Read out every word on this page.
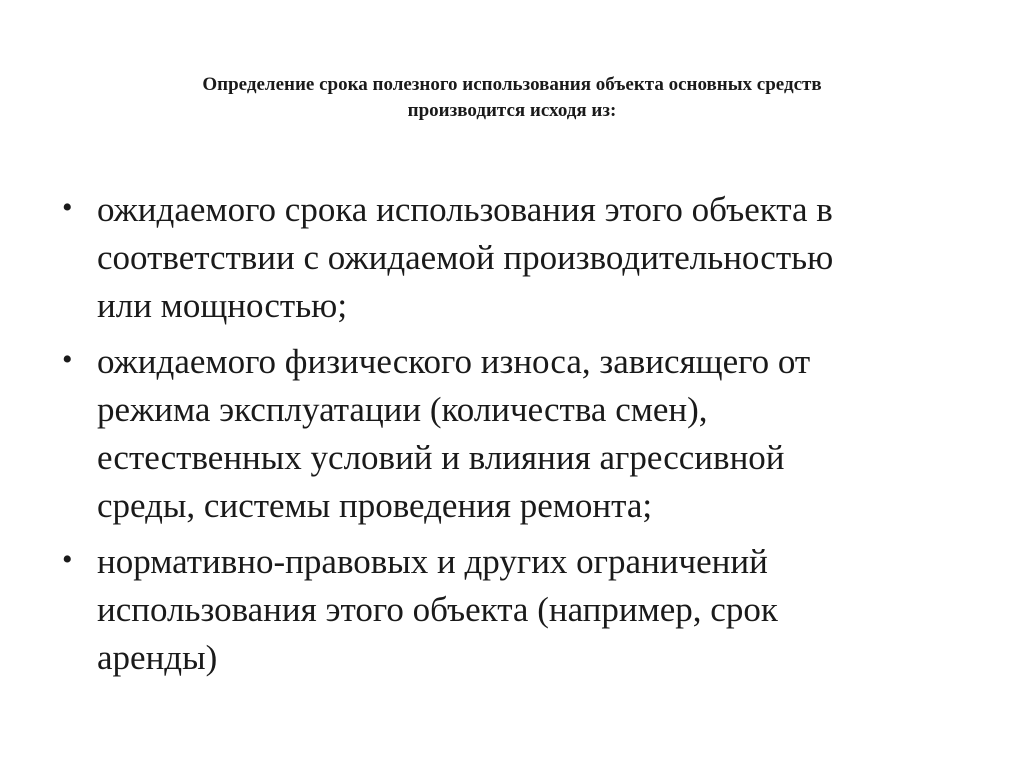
Определение срока полезного использования объекта основных средств
производится исходя из:
• ожидаемого срока использования этого объекта в
соответствии с ожидаемой производительностью
или мощностью;
• ожидаемого физического износа, зависящего от
режима эксплуатации (количества смен),
естественных условий и влияния агрессивной
среды, системы проведения ремонта;
• нормативно-правовых и других ограничений
использования этого объекта (например, срок
аренды)
